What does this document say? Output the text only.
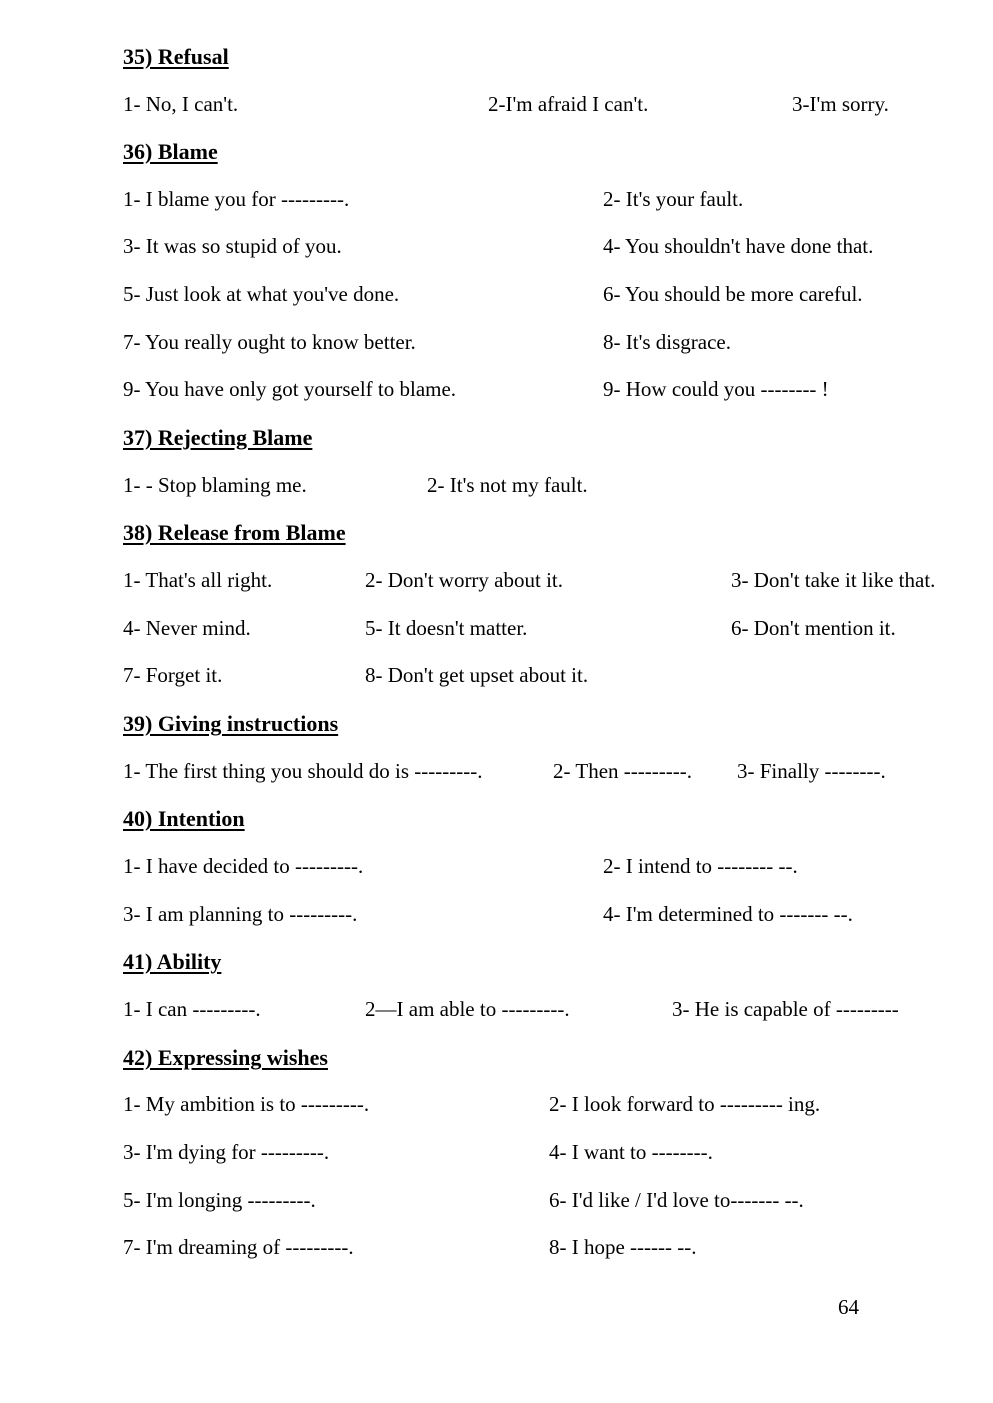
35) Refusal
1- No, I can't.	2-I'm afraid I can't.	3-I'm sorry.
36) Blame
1- I blame you for ---------.	2- It's your fault.
3- It was so stupid of you.	4- You shouldn't have done that.
5- Just look at what you've done.	6- You should be more careful.
7- You really ought to know better.	8- It's disgrace.
9- You have only got yourself to blame.	9- How could you -------- !
37) Rejecting Blame
1- - Stop blaming me.	2- It's not my fault.
38) Release from Blame
1- That's all right.	2- Don't worry about it.	3- Don't take it like that.
4- Never mind.	5- It doesn't matter.	6- Don't mention it.
7- Forget it.	8- Don't get upset about it.
39) Giving instructions
1- The first thing you should do is ---------.	2- Then ---------. 3- Finally --------.
40) Intention
1- I have decided to ---------.	2- I intend to -------- --.
3- I am planning to ---------.	4- I'm determined to ------- --.
41) Ability
1- I can ---------.	2—I am able to ---------.	3- He is capable of ---------
42) Expressing wishes
1- My ambition is to ---------.	2- I look forward to --------- ing.
3- I'm dying for ---------.	4- I want to --------.
5- I'm longing ---------.	6- I'd like / I'd love to------- --.
7- I'm dreaming of ---------.	8- I hope ------ --.
64
